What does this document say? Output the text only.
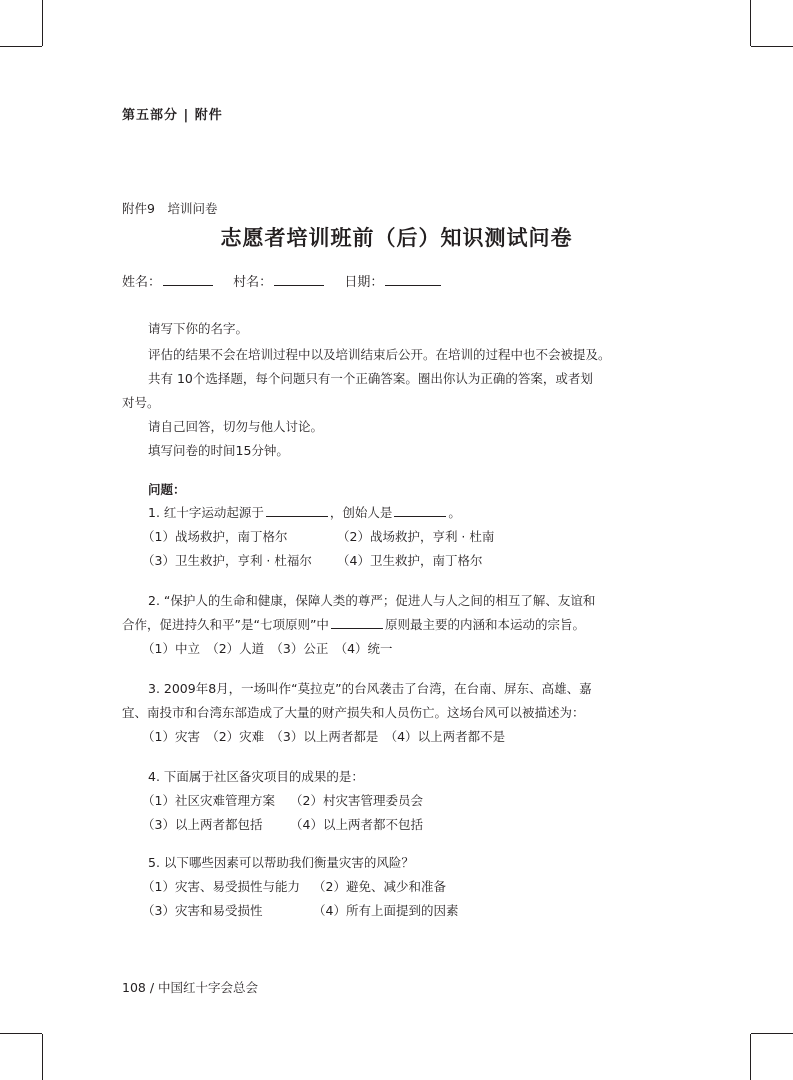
第五部分 | 附件
附件9　培训问卷
志愿者培训班前（后）知识测试问卷
姓名：	村名：	日期：
请写下你的名字。
评估的结果不会在培训过程中以及培训结束后公开。在培训的过程中也不会被提及。
共有 10个选择题，每个问题只有一个正确答案。圈出你认为正确的答案，或者划
对号。
请自己回答，切勿与他人讨论。
填写问卷的时间15分钟。
问题：
1. 红十字运动起源于	，创始人是	。
（1）战场救护，南丁格尔	（2）战场救护，亨利 · 杜南
（3）卫生救护，亨利 · 杜福尔 （4）卫生救护，南丁格尔
2. “保护人的生命和健康，保障人类的尊严；促进人与人之间的相互了解、友谊和
合作，促进持久和平”是“七项原则”中	原则最主要的内涵和本运动的宗旨。
（1）中立　（2）人道　（3）公正　（4）统一
3. 2009年8月，一场叫作“莫拉克”的台风袭击了台湾，在台南、屏东、高雄、嘉
宜、南投市和台湾东部造成了大量的财产损失和人员伤亡。这场台风可以被描述为：
（1）灾害　（2）灾难　（3）以上两者都是　（4）以上两者都不是
4. 下面属于社区备灾项目的成果的是：
（1）社区灾难管理方案 （2）村灾害管理委员会
（3）以上两者都包括 （4）以上两者都不包括
5. 以下哪些因素可以帮助我们衡量灾害的风险？
（1）灾害、易受损性与能力 （2）避免、减少和准备
（3）灾害和易受损性	（4）所有上面提到的因素
108 / 中国红十字会总会
